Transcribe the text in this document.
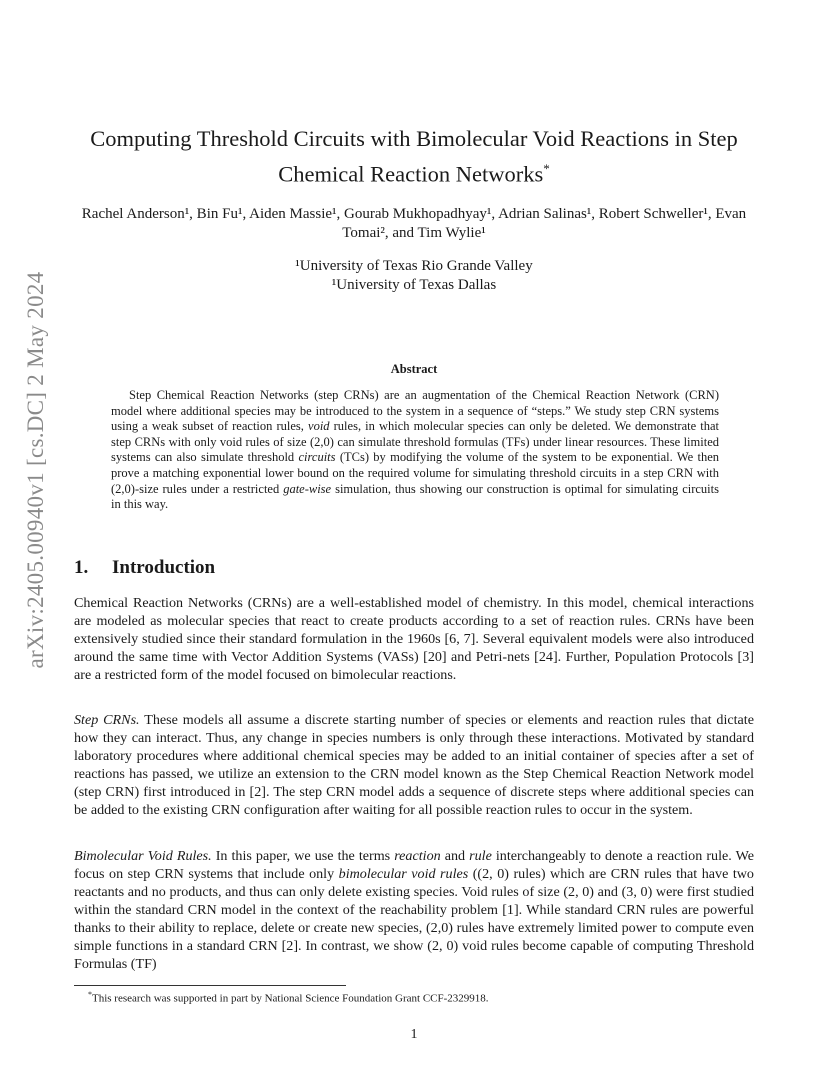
arXiv:2405.00940v1 [cs.DC] 2 May 2024
Computing Threshold Circuits with Bimolecular Void Reactions in Step Chemical Reaction Networks*
Rachel Anderson¹, Bin Fu¹, Aiden Massie¹, Gourab Mukhopadhyay¹, Adrian Salinas¹, Robert Schweller¹, Evan Tomai², and Tim Wylie¹
¹University of Texas Rio Grande Valley
¹University of Texas Dallas
Abstract
Step Chemical Reaction Networks (step CRNs) are an augmentation of the Chemical Reaction Network (CRN) model where additional species may be introduced to the system in a sequence of “steps.” We study step CRN systems using a weak subset of reaction rules, void rules, in which molecular species can only be deleted. We demonstrate that step CRNs with only void rules of size (2,0) can simulate threshold formulas (TFs) under linear resources. These limited systems can also simulate threshold circuits (TCs) by modifying the volume of the system to be exponential. We then prove a matching exponential lower bound on the required volume for simulating threshold circuits in a step CRN with (2,0)-size rules under a restricted gate-wise simulation, thus showing our construction is optimal for simulating circuits in this way.
1. Introduction

Chemical Reaction Networks (CRNs) are a well-established model of chemistry. In this model, chemical interactions are modeled as molecular species that react to create products according to a set of reaction rules. CRNs have been extensively studied since their standard formulation in the 1960s [6, 7]. Several equivalent models were also introduced around the same time with Vector Addition Systems (VASs) [20] and Petri-nets [24]. Further, Population Protocols [3] are a restricted form of the model focused on bimolecular reactions.

Step CRNs. These models all assume a discrete starting number of species or elements and reaction rules that dictate how they can interact. Thus, any change in species numbers is only through these interactions. Motivated by standard laboratory procedures where additional chemical species may be added to an initial container of species after a set of reactions has passed, we utilize an extension to the CRN model known as the Step Chemical Reaction Network model (step CRN) first introduced in [2]. The step CRN model adds a sequence of discrete steps where additional species can be added to the existing CRN configuration after waiting for all possible reaction rules to occur in the system.

Bimolecular Void Rules. In this paper, we use the terms reaction and rule interchangeably to denote a reaction rule. We focus on step CRN systems that include only bimolecular void rules ((2, 0) rules) which are CRN rules that have two reactants and no products, and thus can only delete existing species. Void rules of size (2, 0) and (3, 0) were first studied within the standard CRN model in the context of the reachability problem [1]. While standard CRN rules are powerful thanks to their ability to replace, delete or create new species, (2,0) rules have extremely limited power to compute even simple functions in a standard CRN [2]. In contrast, we show (2, 0) void rules become capable of computing Threshold Formulas (TF)

*This research was supported in part by National Science Foundation Grant CCF-2329918.
1
